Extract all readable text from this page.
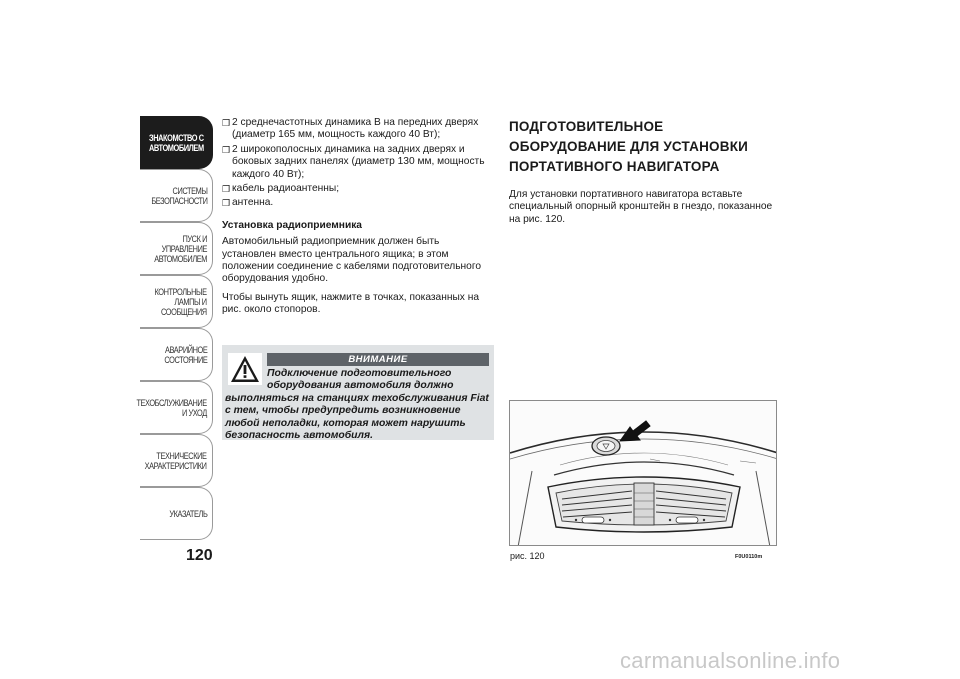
ЗНАКОМСТВО С
АВТОМОБИЛЕМ
СИСТЕМЫ
БЕЗОПАСНОСТИ
ПУСК И УПРАВЛЕНИЕ
АВТОМОБИЛЕМ
КОНТРОЛЬНЫЕ
ЛАМПЫ И
СООБЩЕНИЯ
АВАРИЙНОЕ
СОСТОЯНИЕ
ТЕХОБСЛУЖИВАНИЕ
И УХОД
ТЕХНИЧЕСКИЕ
ХАРАКТЕРИСТИКИ
УКАЗАТЕЛЬ
120
❒ 2 среднечастотных динамика В на передних дверях (диаметр 165 мм, мощность каждого 40 Вт);
❒ 2 широкополосных динамика на задних дверях и боковых задних панелях (диаметр 130 мм, мощность каждого 40 Вт);
❒ кабель радиоантенны;
❒ антенна.
Установка радиоприемника
Автомобильный радиоприемник должен быть установлен вместо центрального ящика; в этом положении соединение с кабелями подготовительного оборудования удобно.
Чтобы вынуть ящик, нажмите в точках, показанных на рис. около стопоров.
ВНИМАНИЕ
Подключение подготовительного
оборудования автомобиля должно
выполняться на станциях техобслуживания Fiat с тем, чтобы предупредить возникновение любой неполадки, которая может нарушить безопасность автомобиля.
ПОДГОТОВИТЕЛЬНОЕ ОБОРУДОВАНИЕ ДЛЯ УСТАНОВКИ ПОРТАТИВНОГО НАВИГАТОРА
Для установки портативного навигатора вставьте специальный опорный кронштейн в гнездо, показанное на рис. 120.
рис. 120	F0U0110m
carmanualsonline.info
